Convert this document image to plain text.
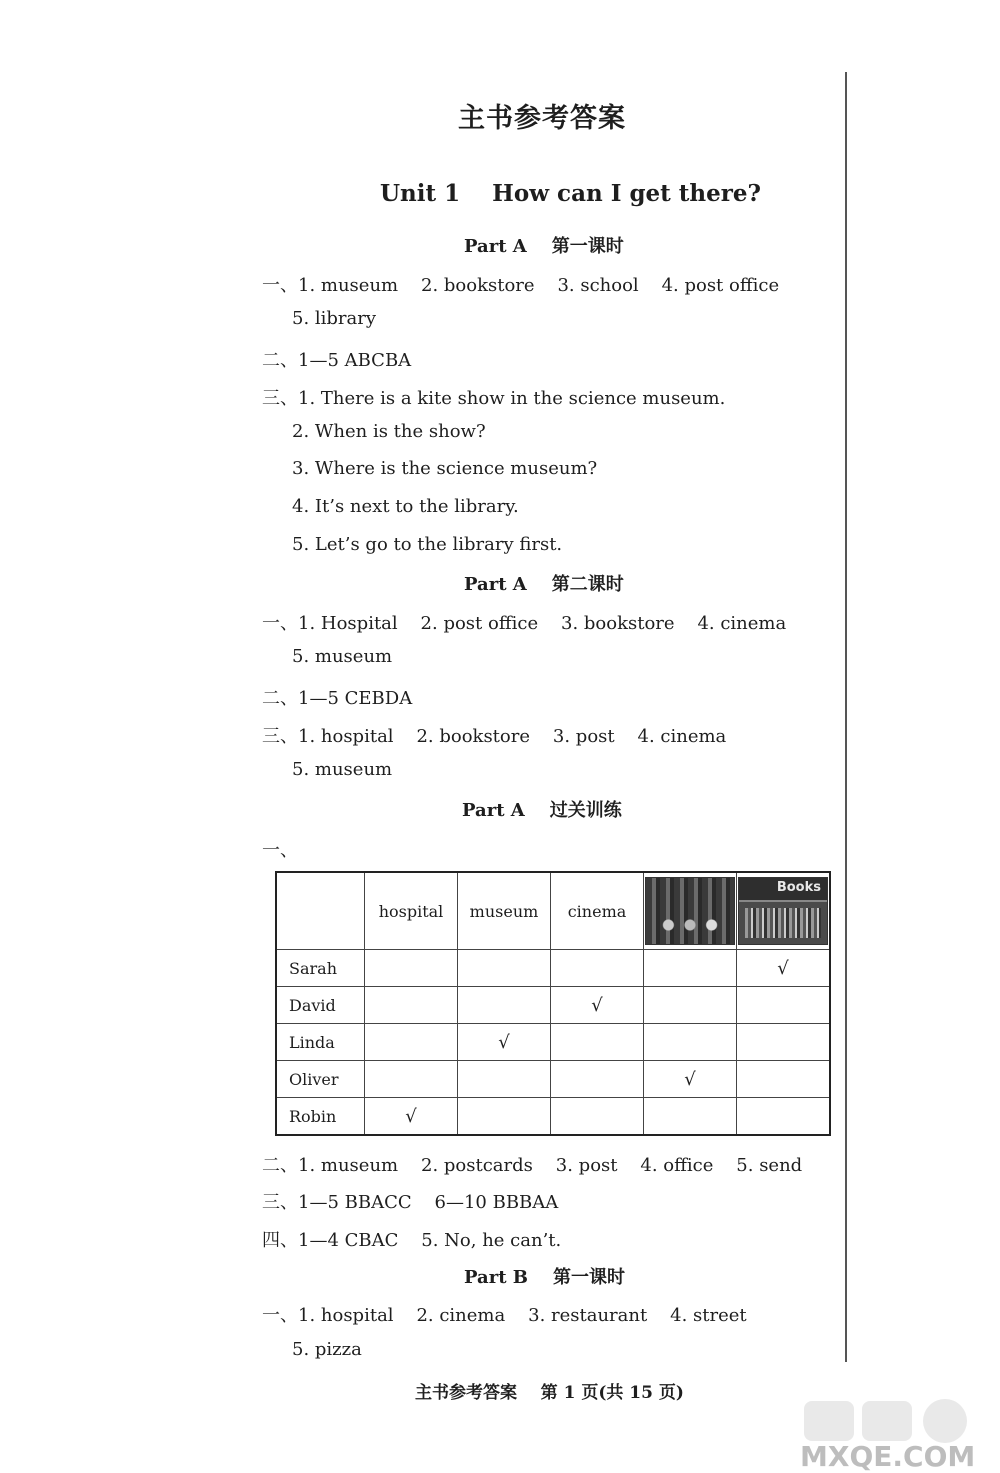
主书参考答案
Unit 1    How can I get there?
Part A    第一课时
一、1. museum    2. bookstore    3. school    4. post office
5. library
二、1—5 ABCBA
三、1. There is a kite show in the science museum.
2. When is the show?
3. Where is the science museum?
4. It’s next to the library.
5. Let’s go to the library first.
Part A    第二课时
一、1. Hospital    2. post office    3. bookstore    4. cinema
5. museum
二、1—5 CEBDA
三、1. hospital    2. bookstore    3. post    4. cinema
5. museum
Part A    过关训练
一、
	hospital	museum	cinema		Books

Sarah					√
David			√		
Linda		√			
Oliver				√	
Robin	√				
二、1. museum    2. postcards    3. post    4. office    5. send
三、1—5 BBACC    6—10 BBBAA
四、1—4 CBAC    5. No, he can’t.
Part B    第一课时
一、1. hospital    2. cinema    3. restaurant    4. street
5. pizza
主书参考答案    第 1 页(共 15 页)
MXQE.COM
